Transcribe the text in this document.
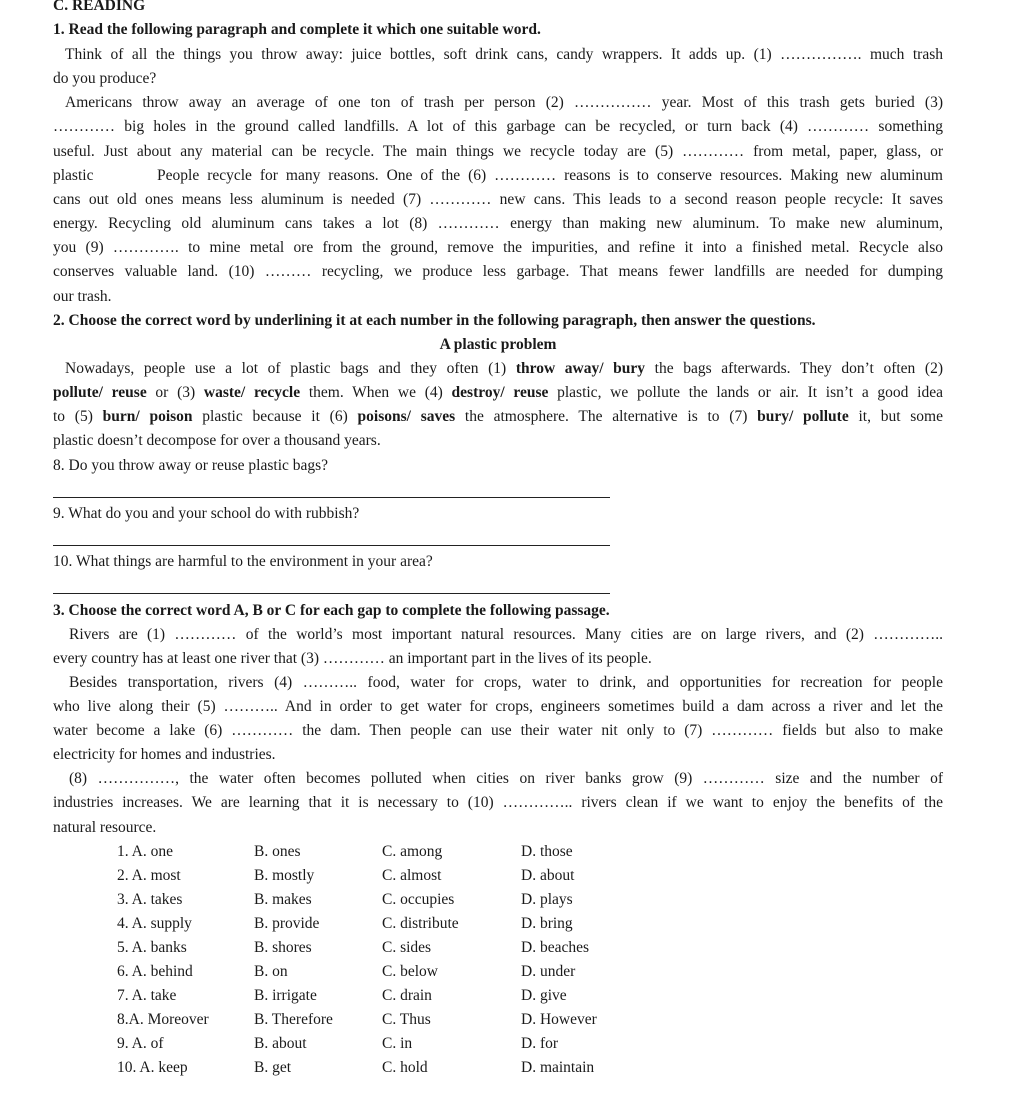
C. READING
1. Read the following paragraph and complete it which one suitable word.
Think of all the things you throw away: juice bottles, soft drink cans, candy wrappers. It adds up. (1) ……………. much trash
do you produce?
Americans throw away an average of one ton of trash per person (2) …………… year. Most of this trash gets buried (3)
………… big holes in the ground called landfills. A lot of this garbage can be recycled, or turn back (4) ………… something
useful. Just about any material can be recycle. The main things we recycle today are (5) ………… from metal, paper, glass, or
plastic        People recycle for many reasons. One of the (6) ………… reasons is to conserve resources. Making new aluminum
cans out old ones means less aluminum is needed (7) ………… new cans. This leads to a second reason people recycle: It saves
energy. Recycling old aluminum cans takes a lot (8) ………… energy than making new aluminum. To make new aluminum,
you (9) …………. to mine metal ore from the ground, remove the impurities, and refine it into a finished metal. Recycle also
conserves valuable land. (10) ……… recycling, we produce less garbage. That means fewer landfills are needed for dumping
our trash.
2. Choose the correct word by underlining it at each number in the following paragraph, then answer the questions.
A plastic problem
Nowadays, people use a lot of plastic bags and they often (1) throw away/ bury the bags afterwards. They don’t often (2)
pollute/ reuse or (3) waste/ recycle them. When we (4) destroy/ reuse plastic, we pollute the lands or air. It isn’t a good idea
to (5) burn/ poison plastic because it (6) poisons/ saves the atmosphere. The alternative is to (7) bury/ pollute it, but some
plastic doesn’t decompose for over a thousand years.
8. Do you throw away or reuse plastic bags?
9. What do you and your school do with rubbish?
10. What things are harmful to the environment in your area?
3. Choose the correct word A, B or C for each gap to complete the following passage.
Rivers are (1) ………… of the world’s most important natural resources. Many cities are on large rivers, and (2) …………..
every country has at least one river that (3) ………… an important part in the lives of its people.
Besides transportation, rivers (4) ……….. food, water for crops, water to drink, and opportunities for recreation for people
who live along their (5) ……….. And in order to get water for crops, engineers sometimes build a dam across a river and let the
water become a lake (6) ………… the dam. Then people can use their water nit only to (7) ………… fields but also to make
electricity for homes and industries.
(8) ……………, the water often becomes polluted when cities on river banks grow (9) ………… size and the number of
industries increases. We are learning that it is necessary to (10) ………….. rivers clean if we want to enjoy the benefits of the
natural resource.
1. A. one	B. ones	C. among	D. those
2. A. most	B. mostly	C. almost	D. about
3. A. takes	B. makes	C. occupies	D. plays
4. A. supply	B. provide	C. distribute	D. bring
5. A. banks	B. shores	C. sides	D. beaches
6. A. behind	B. on	C. below	D. under
7. A. take	B. irrigate	C. drain	D. give
8.A. Moreover	B. Therefore	C. Thus	D. However
9. A. of	B. about	C. in	D. for
10. A. keep	B. get	C. hold	D. maintain
